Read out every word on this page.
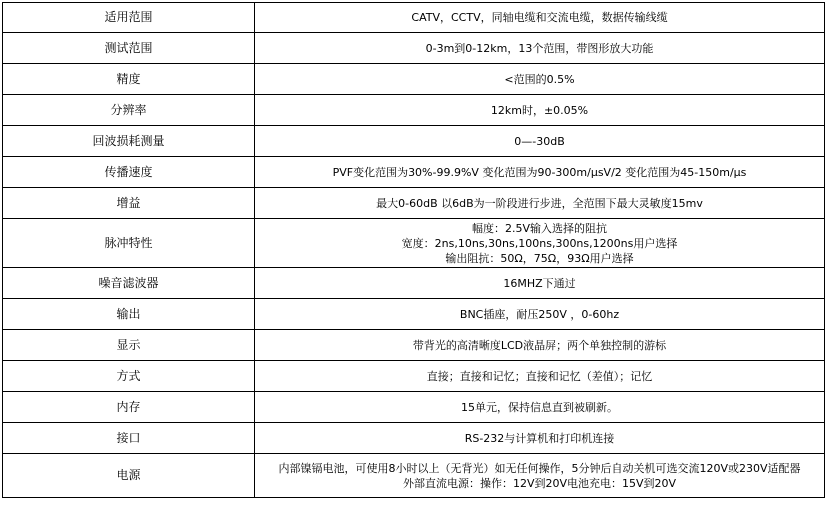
适用范围	CATV，CCTV，同轴电缆和交流电缆，数据传输线缆

测试范围	0-3m到0-12km，13个范围，带图形放大功能

精度	<范围的0.5%

分辨率	12km时，±0.05%

回波损耗测量	0—-30dB

传播速度	PVF变化范围为30%-99.9%V 变化范围为90-300m/µsV/2 变化范围为45-150m/µs

增益	最大0-60dB 以6dB为一阶段进行步进，全范围下最大灵敏度15mv

脉冲特性	幅度：2.5V输入选择的阻抗
宽度：2ns,10ns,30ns,100ns,300ns,1200ns用户选择
输出阻抗：50Ω，75Ω，93Ω用户选择

噪音滤波器	16MHZ下通过

输出	BNC插座，耐压250V ，0-60hz

显示	带背光的高清晰度LCD液晶屏；两个单独控制的游标

方式	直接；直接和记忆；直接和记忆（差值）；记忆

内存	15单元，保持信息直到被刷新。

接口	RS-232与计算机和打印机连接

电源	内部镍镉电池，可使用8小时以上（无背光）如无任何操作，5分钟后自动关机可选交流120V或230V适配器
外部直流电源：操作：12V到20V电池充电：15V到20V
